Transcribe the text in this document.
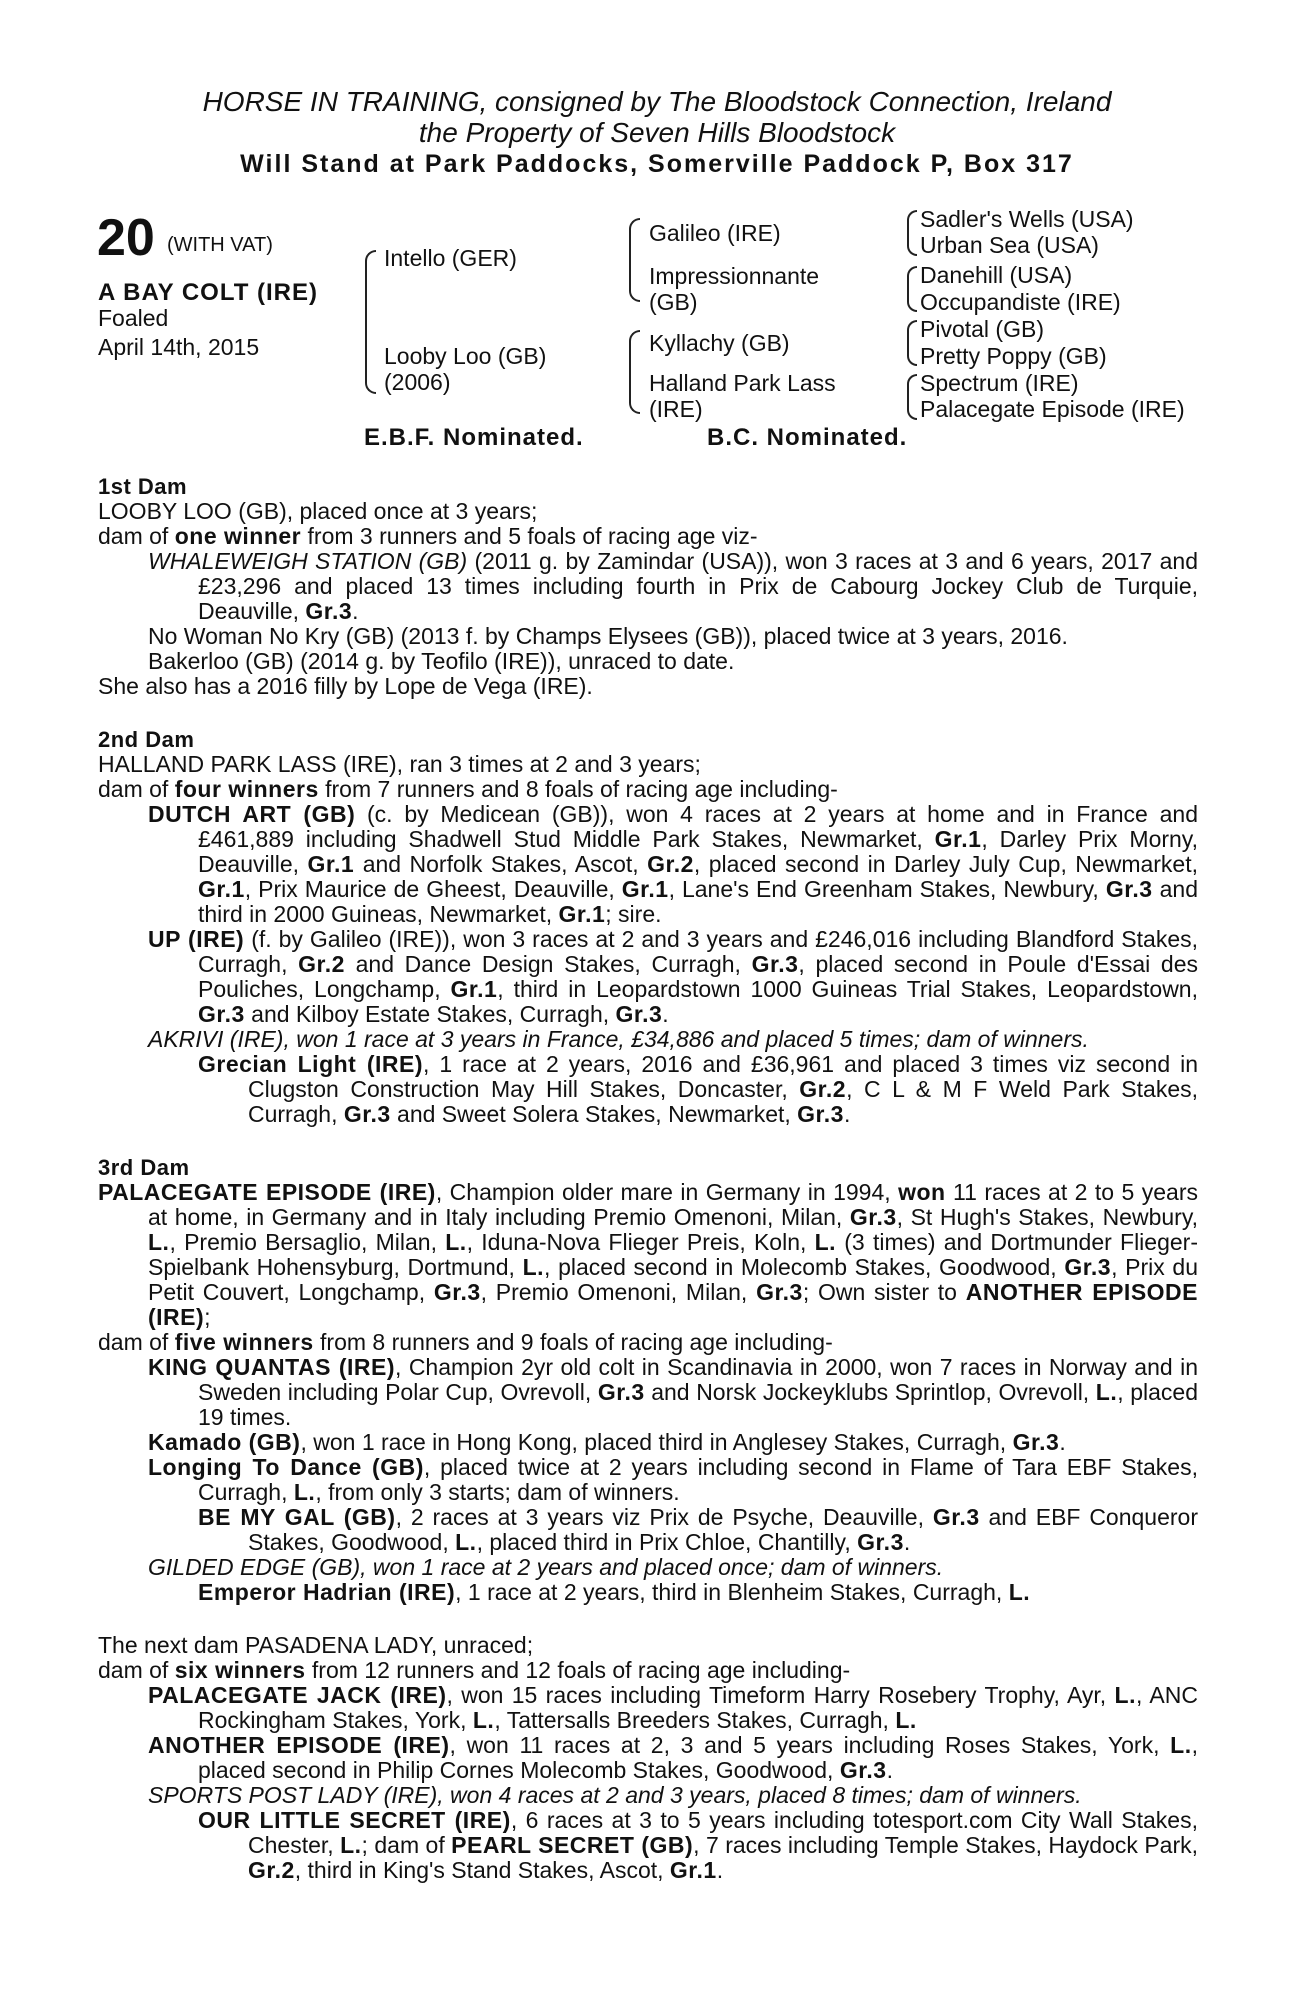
HORSE IN TRAINING, consigned by The Bloodstock Connection, Ireland
the Property of Seven Hills Bloodstock
Will Stand at Park Paddocks, Somerville Paddock P, Box 317
20 (WITH VAT)
A BAY COLT (IRE)
Foaled
April 14th, 2015
Intello (GER)
Looby Loo (GB)
(2006)
Galileo (IRE)
Impressionnante
(GB)
Kyllachy (GB)
Halland Park Lass
(IRE)
Sadler's Wells (USA)
Urban Sea (USA)
Danehill (USA)
Occupandiste (IRE)
Pivotal (GB)
Pretty Poppy (GB)
Spectrum (IRE)
Palacegate Episode (IRE)
E.B.F. Nominated.	B.C. Nominated.
1st Dam
LOOBY LOO (GB), placed once at 3 years;
dam of one winner from 3 runners and 5 foals of racing age viz-
WHALEWEIGH STATION (GB) (2011 g. by Zamindar (USA)), won 3 races at 3 and 6 years, 2017 and £23,296 and placed 13 times including fourth in Prix de Cabourg Jockey Club de Turquie, Deauville, Gr.3.
No Woman No Kry (GB) (2013 f. by Champs Elysees (GB)), placed twice at 3 years, 2016.
Bakerloo (GB) (2014 g. by Teofilo (IRE)), unraced to date.
She also has a 2016 filly by Lope de Vega (IRE).
2nd Dam
HALLAND PARK LASS (IRE), ran 3 times at 2 and 3 years;
dam of four winners from 7 runners and 8 foals of racing age including-
DUTCH ART (GB) (c. by Medicean (GB)), won 4 races at 2 years at home and in France and £461,889 including Shadwell Stud Middle Park Stakes, Newmarket, Gr.1, Darley Prix Morny, Deauville, Gr.1 and Norfolk Stakes, Ascot, Gr.2, placed second in Darley July Cup, Newmarket, Gr.1, Prix Maurice de Gheest, Deauville, Gr.1, Lane's End Greenham Stakes, Newbury, Gr.3 and third in 2000 Guineas, Newmarket, Gr.1; sire.
UP (IRE) (f. by Galileo (IRE)), won 3 races at 2 and 3 years and £246,016 including Blandford Stakes, Curragh, Gr.2 and Dance Design Stakes, Curragh, Gr.3, placed second in Poule d'Essai des Pouliches, Longchamp, Gr.1, third in Leopardstown 1000 Guineas Trial Stakes, Leopardstown, Gr.3 and Kilboy Estate Stakes, Curragh, Gr.3.
AKRIVI (IRE), won 1 race at 3 years in France, £34,886 and placed 5 times; dam of winners.
Grecian Light (IRE), 1 race at 2 years, 2016 and £36,961 and placed 3 times viz second in Clugston Construction May Hill Stakes, Doncaster, Gr.2, C L & M F Weld Park Stakes, Curragh, Gr.3 and Sweet Solera Stakes, Newmarket, Gr.3.
3rd Dam
PALACEGATE EPISODE (IRE), Champion older mare in Germany in 1994, won 11 races at 2 to 5 years at home, in Germany and in Italy including Premio Omenoni, Milan, Gr.3, St Hugh's Stakes, Newbury, L., Premio Bersaglio, Milan, L., Iduna-Nova Flieger Preis, Koln, L. (3 times) and Dortmunder Flieger-Spielbank Hohensyburg, Dortmund, L., placed second in Molecomb Stakes, Goodwood, Gr.3, Prix du Petit Couvert, Longchamp, Gr.3, Premio Omenoni, Milan, Gr.3; Own sister to ANOTHER EPISODE (IRE);
dam of five winners from 8 runners and 9 foals of racing age including-
KING QUANTAS (IRE), Champion 2yr old colt in Scandinavia in 2000, won 7 races in Norway and in Sweden including Polar Cup, Ovrevoll, Gr.3 and Norsk Jockeyklubs Sprintlop, Ovrevoll, L., placed 19 times.
Kamado (GB), won 1 race in Hong Kong, placed third in Anglesey Stakes, Curragh, Gr.3.
Longing To Dance (GB), placed twice at 2 years including second in Flame of Tara EBF Stakes, Curragh, L., from only 3 starts; dam of winners.
BE MY GAL (GB), 2 races at 3 years viz Prix de Psyche, Deauville, Gr.3 and EBF Conqueror Stakes, Goodwood, L., placed third in Prix Chloe, Chantilly, Gr.3.
GILDED EDGE (GB), won 1 race at 2 years and placed once; dam of winners.
Emperor Hadrian (IRE), 1 race at 2 years, third in Blenheim Stakes, Curragh, L.
The next dam PASADENA LADY, unraced;
dam of six winners from 12 runners and 12 foals of racing age including-
PALACEGATE JACK (IRE), won 15 races including Timeform Harry Rosebery Trophy, Ayr, L., ANC Rockingham Stakes, York, L., Tattersalls Breeders Stakes, Curragh, L.
ANOTHER EPISODE (IRE), won 11 races at 2, 3 and 5 years including Roses Stakes, York, L., placed second in Philip Cornes Molecomb Stakes, Goodwood, Gr.3.
SPORTS POST LADY (IRE), won 4 races at 2 and 3 years, placed 8 times; dam of winners.
OUR LITTLE SECRET (IRE), 6 races at 3 to 5 years including totesport.com City Wall Stakes, Chester, L.; dam of PEARL SECRET (GB), 7 races including Temple Stakes, Haydock Park, Gr.2, third in King's Stand Stakes, Ascot, Gr.1.
